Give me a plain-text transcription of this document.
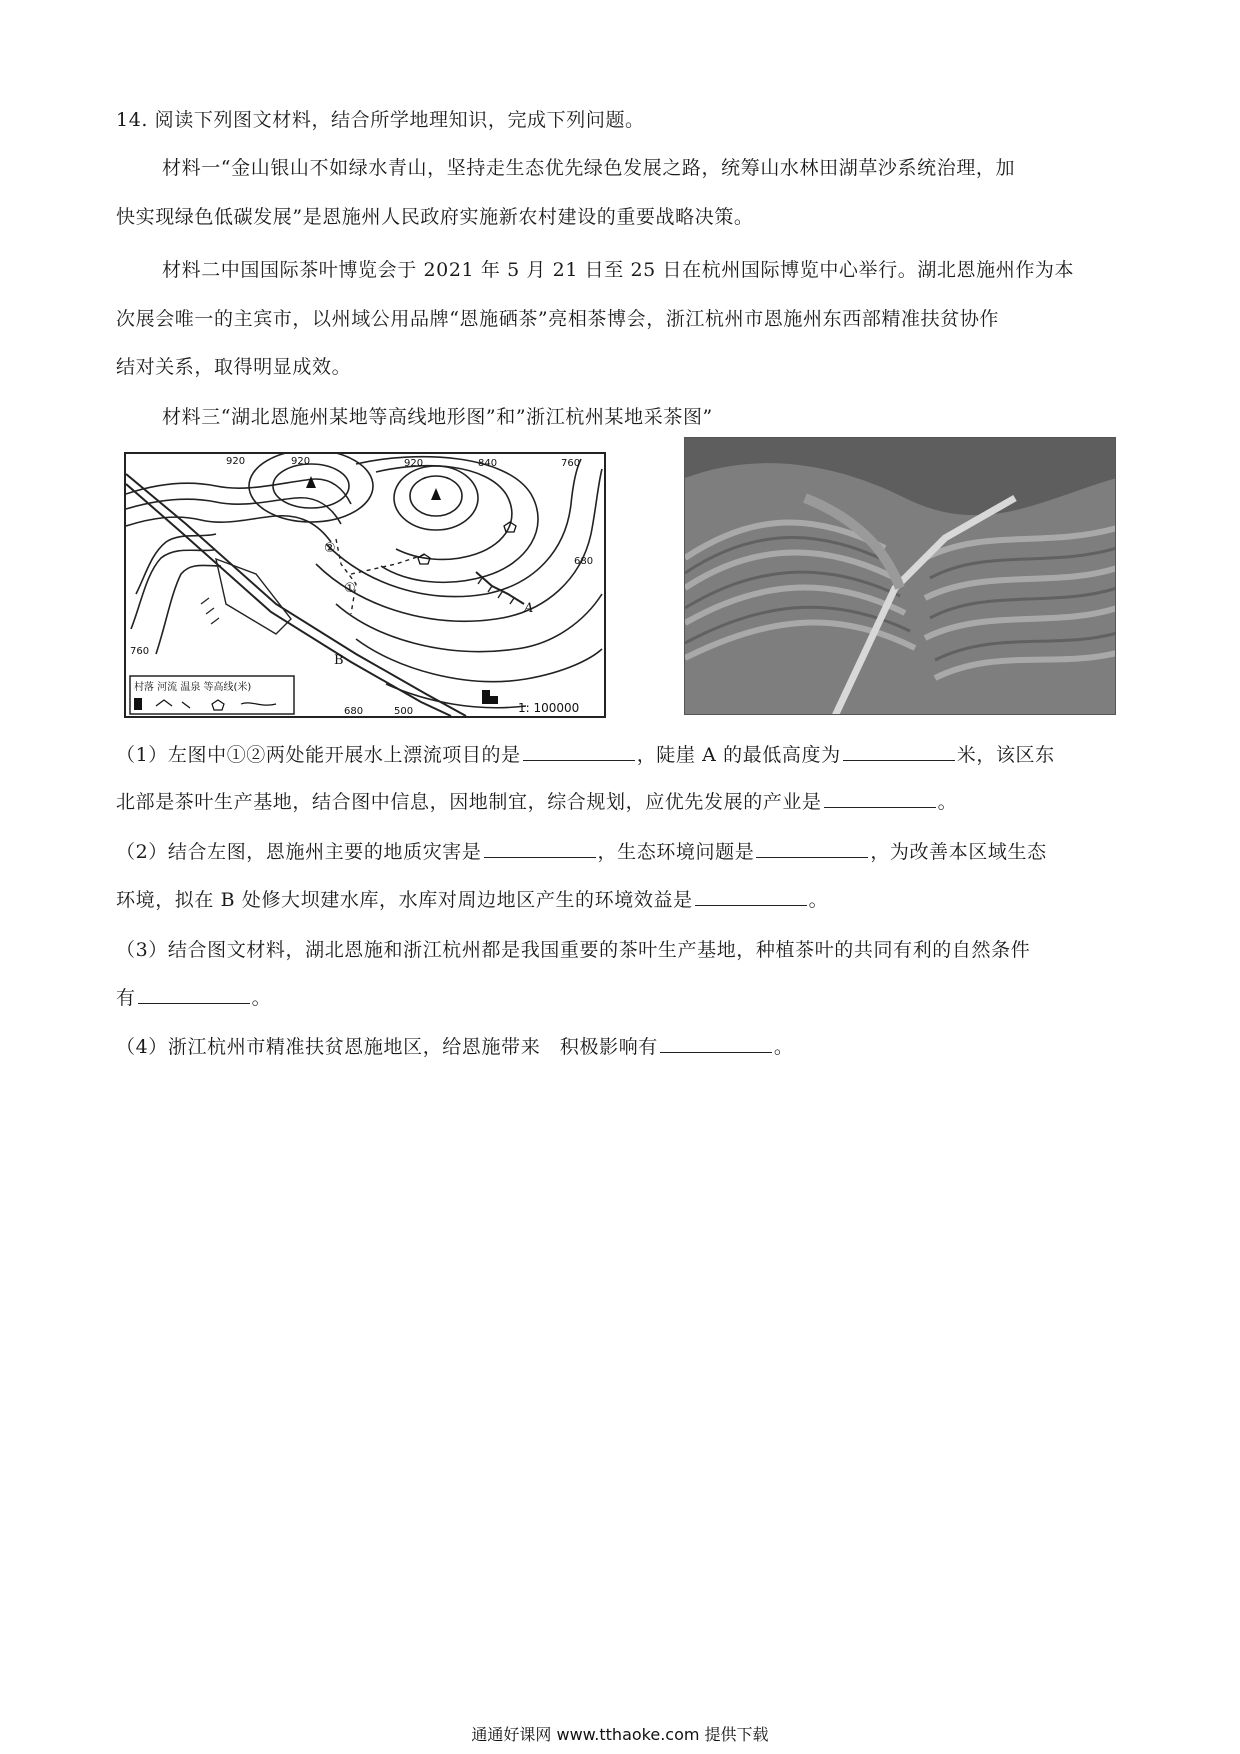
14. 阅读下列图文材料，结合所学地理知识，完成下列问题。
材料一“金山银山不如绿水青山，坚持走生态优先绿色发展之路，统筹山水林田湖草沙系统治理，加
快实现绿色低碳发展”是恩施州人民政府实施新农村建设的重要战略决策。
材料二中国国际茶叶博览会于 2021 年 5 月 21 日至 25 日在杭州国际博览中心举行。湖北恩施州作为本
次展会唯一的主宾市，以州域公用品牌“恩施硒茶”亮相茶博会，浙江杭州市恩施州东西部精准扶贫协作
结对关系，取得明显成效。
材料三“湖北恩施州某地等高线地形图”和”浙江杭州某地采茶图”
920	920	920	840	760
680
760
680	500
②
①
A
B
村落 河流 温泉 等高线(米)
1: 100000
（1）左图中①②两处能开展水上漂流项目的是	，陡崖 A 的最低高度为	米，该区东
北部是茶叶生产基地，结合图中信息，因地制宜，综合规划，应优先发展的产业是	。
（2）结合左图，恩施州主要的地质灾害是	，生态环境问题是	，为改善本区域生态
环境，拟在 B 处修大坝建水库，水库对周边地区产生的环境效益是	。
（3）结合图文材料，湖北恩施和浙江杭州都是我国重要的茶叶生产基地，种植茶叶的共同有利的自然条件
有	。
（4）浙江杭州市精准扶贫恩施地区，给恩施带来　积极影响有	。
通通好课网 www.tthaoke.com 提供下载
